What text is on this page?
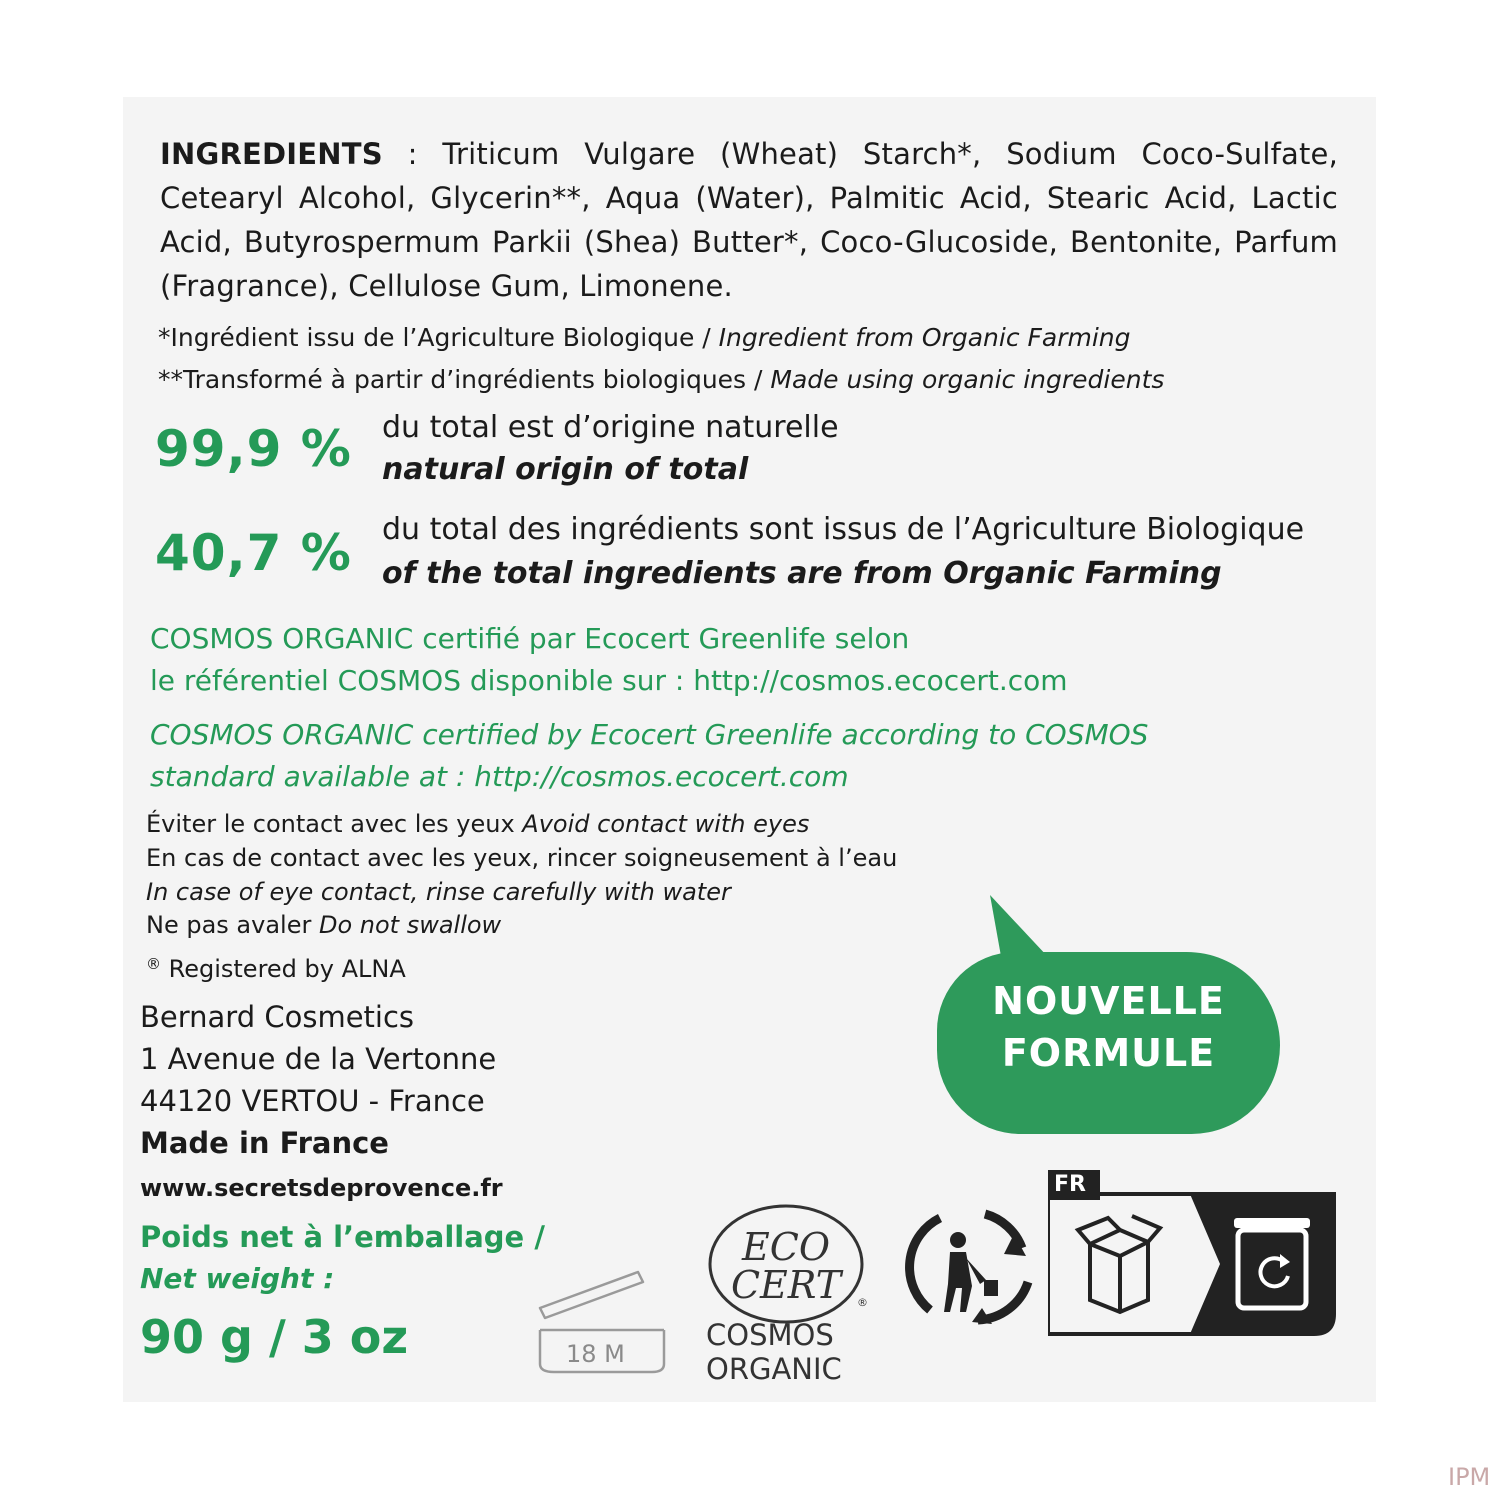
INGREDIENTS : Triticum Vulgare (Wheat) Starch*, Sodium Coco-Sulfate, Cetearyl Alcohol, Glycerin**, Aqua (Water), Palmitic Acid, Stearic Acid, Lactic Acid, Butyrospermum Parkii (Shea) Butter*, Coco-Glucoside, Bentonite, Parfum (Fragrance), Cellulose Gum, Limonene.
*Ingrédient issu de l’Agriculture Biologique / Ingredient from Organic Farming
**Transformé à partir d’ingrédients biologiques / Made using organic ingredients
99,9 % du total est d’origine naturelle
natural origin of total
40,7 % du total des ingrédients sont issus de l’Agriculture Biologique
of the total ingredients are from Organic Farming
COSMOS ORGANIC certifié par Ecocert Greenlife selon
le référentiel COSMOS disponible sur : http://cosmos.ecocert.com
COSMOS ORGANIC certified by Ecocert Greenlife according to COSMOS
standard available at : http://cosmos.ecocert.com
Éviter le contact avec les yeux Avoid contact with eyes
En cas de contact avec les yeux, rincer soigneusement à l’eau
In case of eye contact, rinse carefully with water
Ne pas avaler Do not swallow
® Registered by ALNA
Bernard Cosmetics
1 Avenue de la Vertonne
44120 VERTOU - France
Made in France
www.secretsdeprovence.fr
Poids net à l’emballage /
Net weight :
90 g / 3 oz	18 M
ECO
CERT ®
COSMOS
ORGANIC
FR
NOUVELLE
FORMULE
IPM
